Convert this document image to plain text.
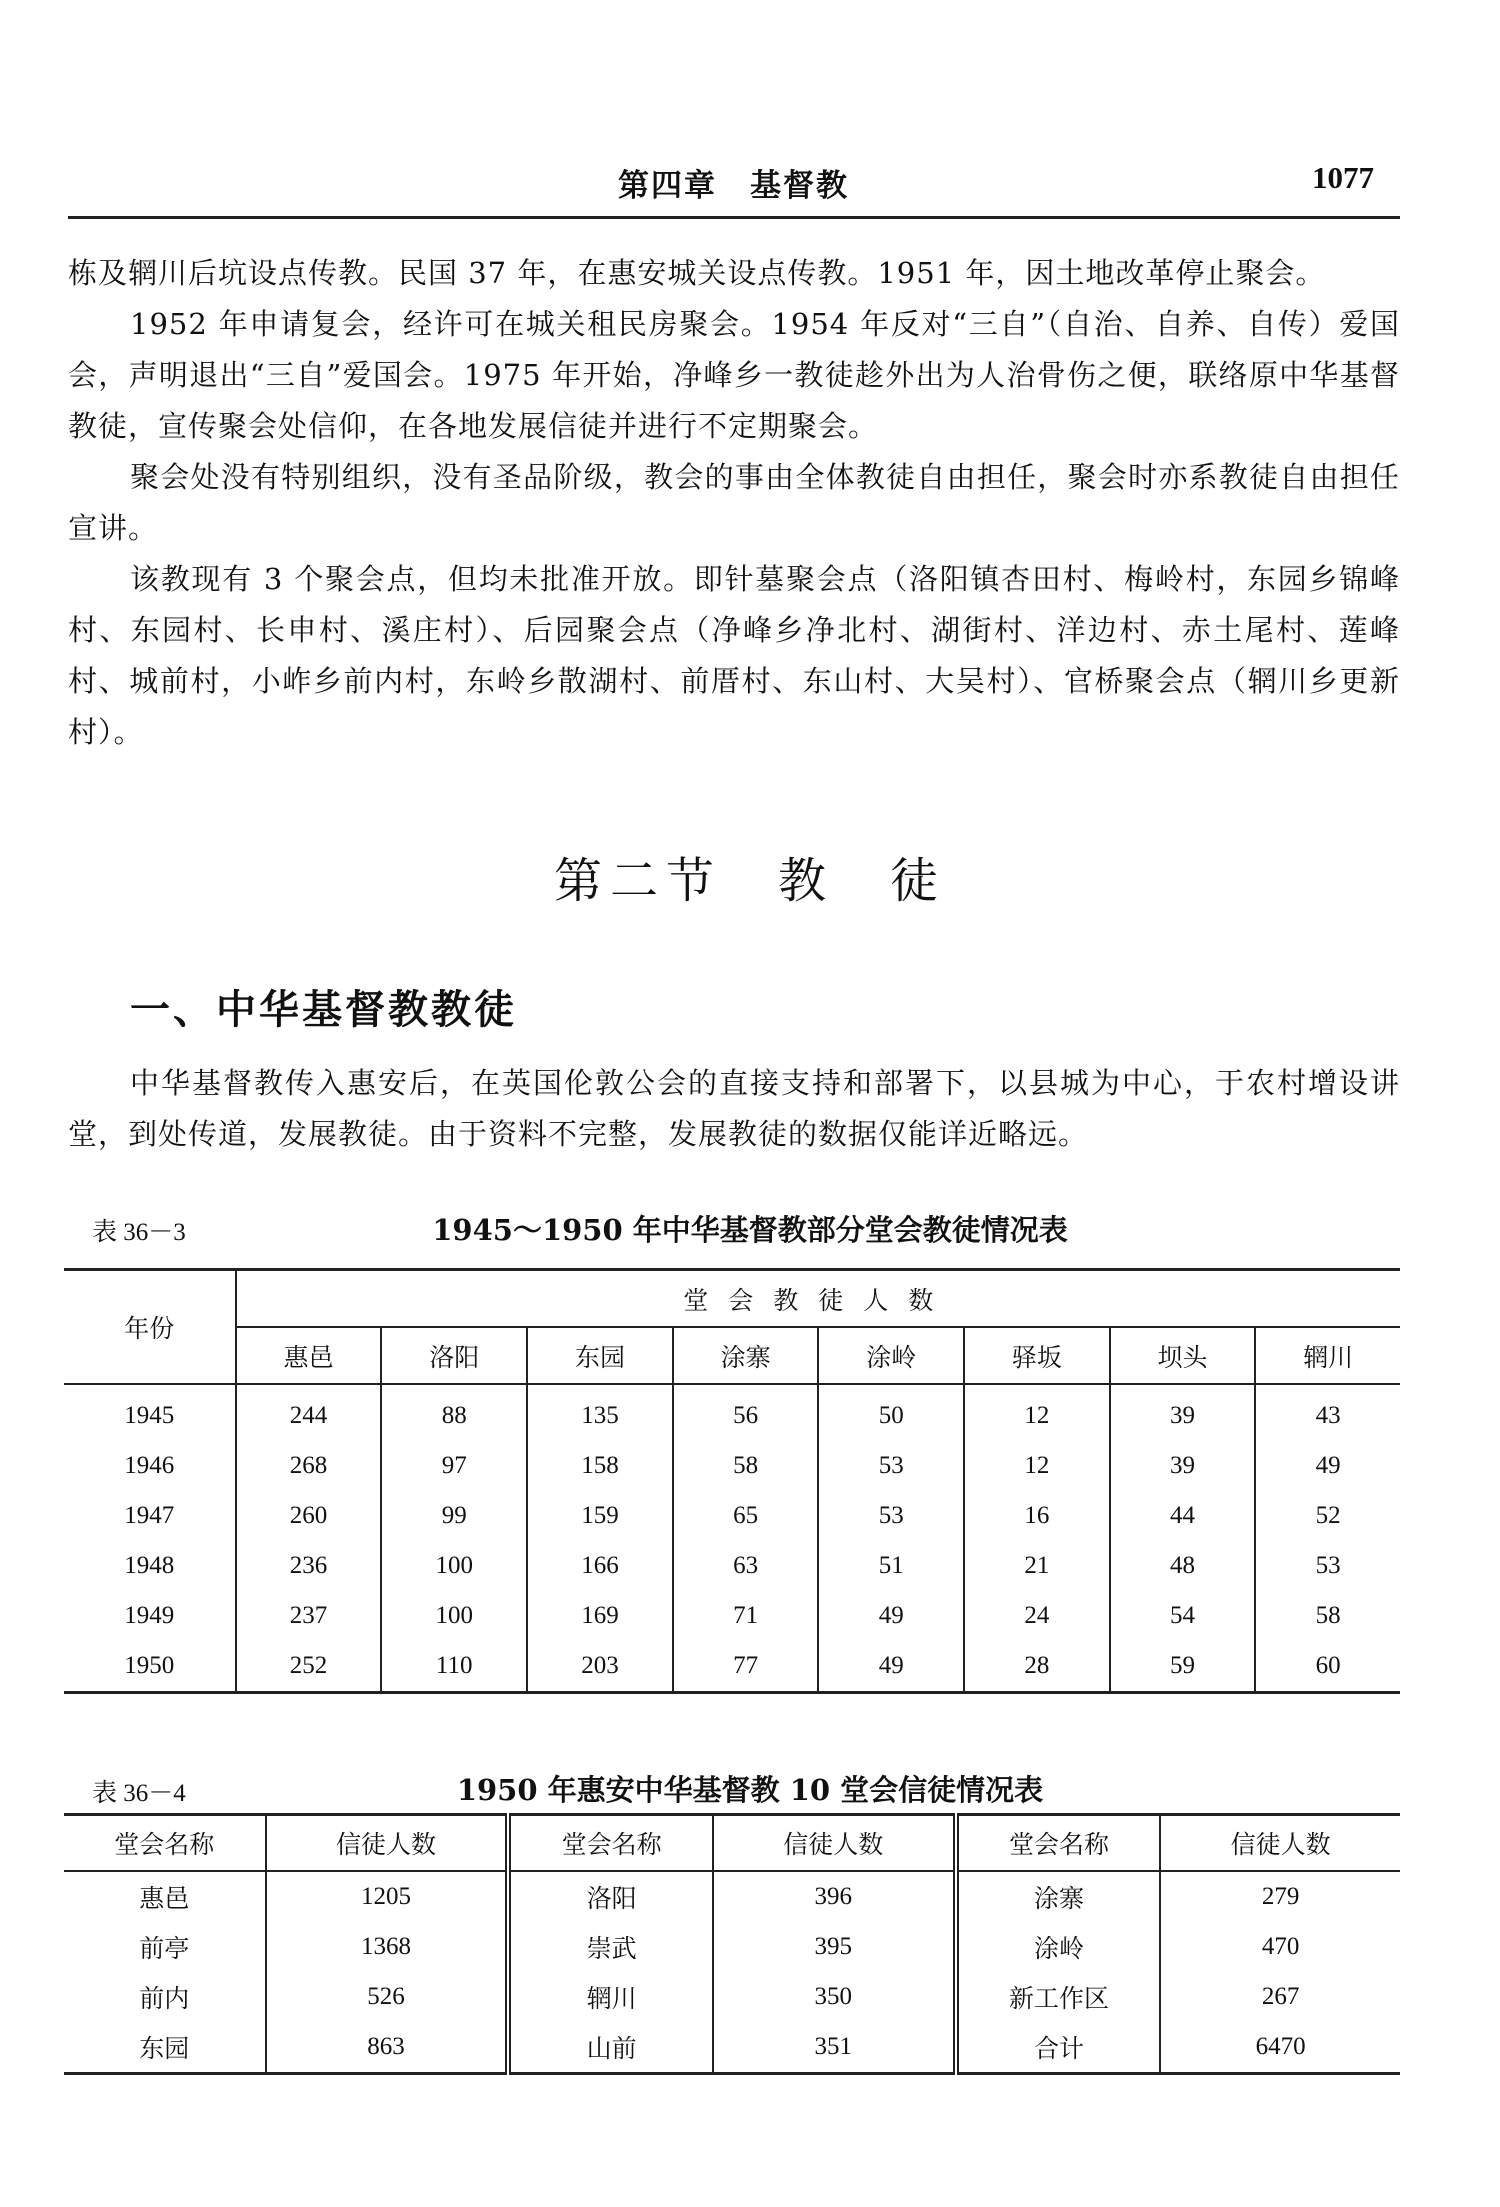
第四章　基督教	1077

栋及辋川后坑设点传教。民国 37 年，在惠安城关设点传教。1951 年，因土地改革停止聚会。

1952 年申请复会，经许可在城关租民房聚会。1954 年反对“三自”（自治、自养、自传）爱国会，声明退出“三自”爱国会。1975 年开始，净峰乡一教徒趁外出为人治骨伤之便，联络原中华基督教徒，宣传聚会处信仰，在各地发展信徒并进行不定期聚会。

聚会处没有特别组织，没有圣品阶级，教会的事由全体教徒自由担任，聚会时亦系教徒自由担任宣讲。

该教现有 3 个聚会点，但均未批准开放。即针墓聚会点（洛阳镇杏田村、梅岭村，东园乡锦峰村、东园村、长申村、溪庄村）、后园聚会点（净峰乡净北村、湖街村、洋边村、赤土尾村、莲峰村、城前村，小岞乡前内村，东岭乡散湖村、前厝村、东山村、大吴村）、官桥聚会点（辋川乡更新村）。

第二节　教　徒
一、中华基督教教徒

中华基督教传入惠安后，在英国伦敦公会的直接支持和部署下，以县城为中心，于农村增设讲堂，到处传道，发展教徒。由于资料不完整，发展教徒的数据仅能详近略远。

表 36－3	1945～1950 年中华基督教部分堂会教徒情况表
年份	堂会教徒人数							
	惠邑	洛阳	东园	涂寨	涂岭	驿坂	坝头	辋川
1945	244	88	135	56	50	12	39	43
1946	268	97	158	58	53	12	39	49
1947	260	99	159	65	53	16	44	52
1948	236	100	166	63	51	21	48	53
1949	237	100	169	71	49	24	54	58
1950	252	110	203	77	49	28	59	60
表 36－4	1950 年惠安中华基督教 10 堂会信徒情况表
堂会名称	信徒人数	堂会名称	信徒人数	堂会名称	信徒人数
惠邑	1205	洛阳	396	涂寨	279
前亭	1368	崇武	395	涂岭	470
前内	526	辋川	350	新工作区	267
东园	863	山前	351	合计	6470
